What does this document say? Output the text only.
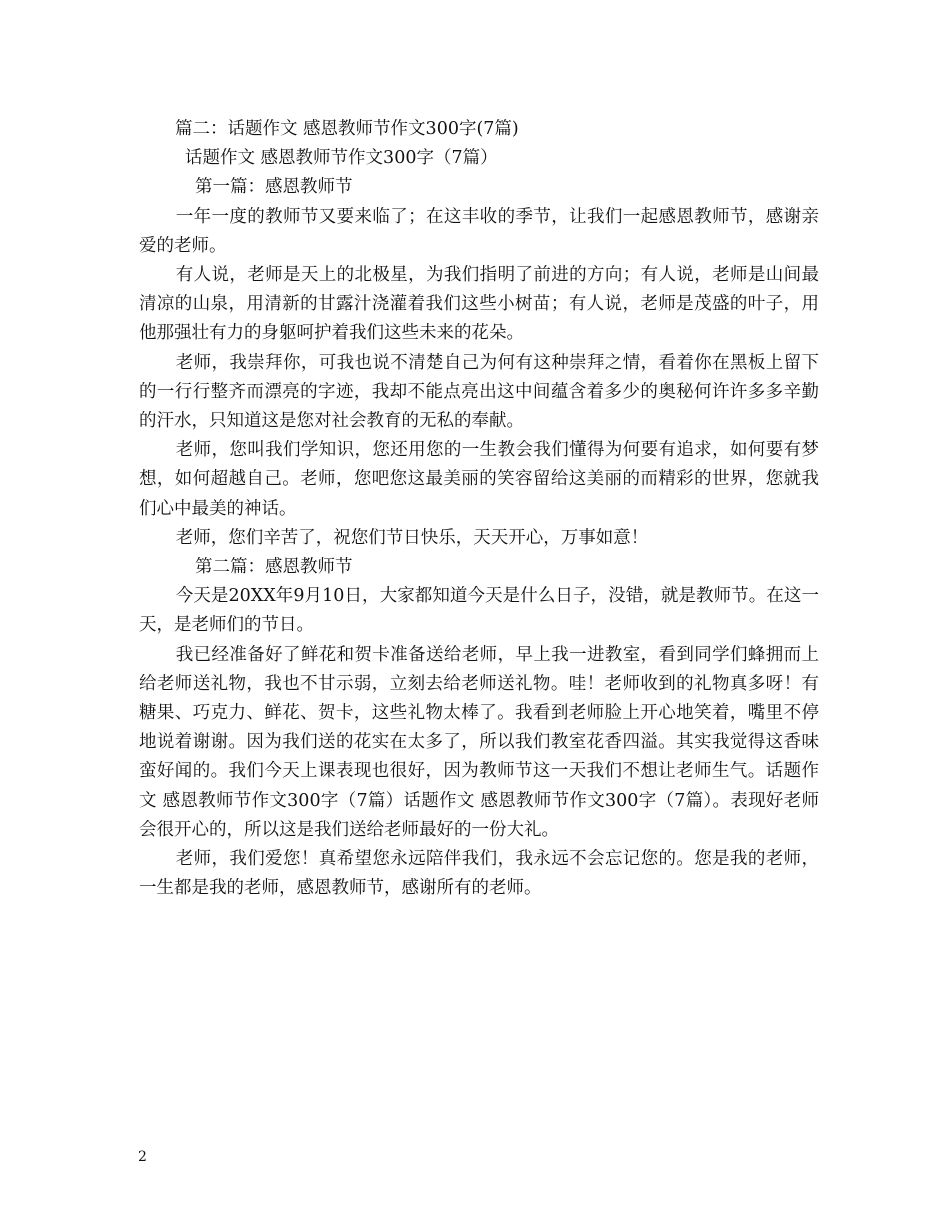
篇二：话题作文 感恩教师节作文300字(7篇)
话题作文 感恩教师节作文300字（7篇）
第一篇：感恩教师节
一年一度的教师节又要来临了；在这丰收的季节，让我们一起感恩教师节，感谢亲爱的老师。
有人说，老师是天上的北极星，为我们指明了前进的方向；有人说，老师是山间最清凉的山泉，用清新的甘露汁浇灌着我们这些小树苗；有人说，老师是茂盛的叶子，用他那强壮有力的身躯呵护着我们这些未来的花朵。
老师，我崇拜你，可我也说不清楚自己为何有这种崇拜之情，看着你在黑板上留下的一行行整齐而漂亮的字迹，我却不能点亮出这中间蕴含着多少的奥秘何许许多多辛勤的汗水，只知道这是您对社会教育的无私的奉献。
老师，您叫我们学知识，您还用您的一生教会我们懂得为何要有追求，如何要有梦想，如何超越自己。老师，您吧您这最美丽的笑容留给这美丽的而精彩的世界，您就我们心中最美的神话。
老师，您们辛苦了，祝您们节日快乐，天天开心，万事如意！
第二篇：感恩教师节
今天是20XX年9月10日，大家都知道今天是什么日子，没错，就是教师节。在这一天，是老师们的节日。
我已经准备好了鲜花和贺卡准备送给老师，早上我一进教室，看到同学们蜂拥而上给老师送礼物，我也不甘示弱，立刻去给老师送礼物。哇！老师收到的礼物真多呀！有糖果、巧克力、鲜花、贺卡，这些礼物太棒了。我看到老师脸上开心地笑着，嘴里不停地说着谢谢。因为我们送的花实在太多了，所以我们教室花香四溢。其实我觉得这香味蛮好闻的。我们今天上课表现也很好，因为教师节这一天我们不想让老师生气。话题作文 感恩教师节作文300字（7篇）话题作文 感恩教师节作文300字（7篇）。表现好老师会很开心的，所以这是我们送给老师最好的一份大礼。
老师，我们爱您！真希望您永远陪伴我们，我永远不会忘记您的。您是我的老师，一生都是我的老师，感恩教师节，感谢所有的老师。
2
